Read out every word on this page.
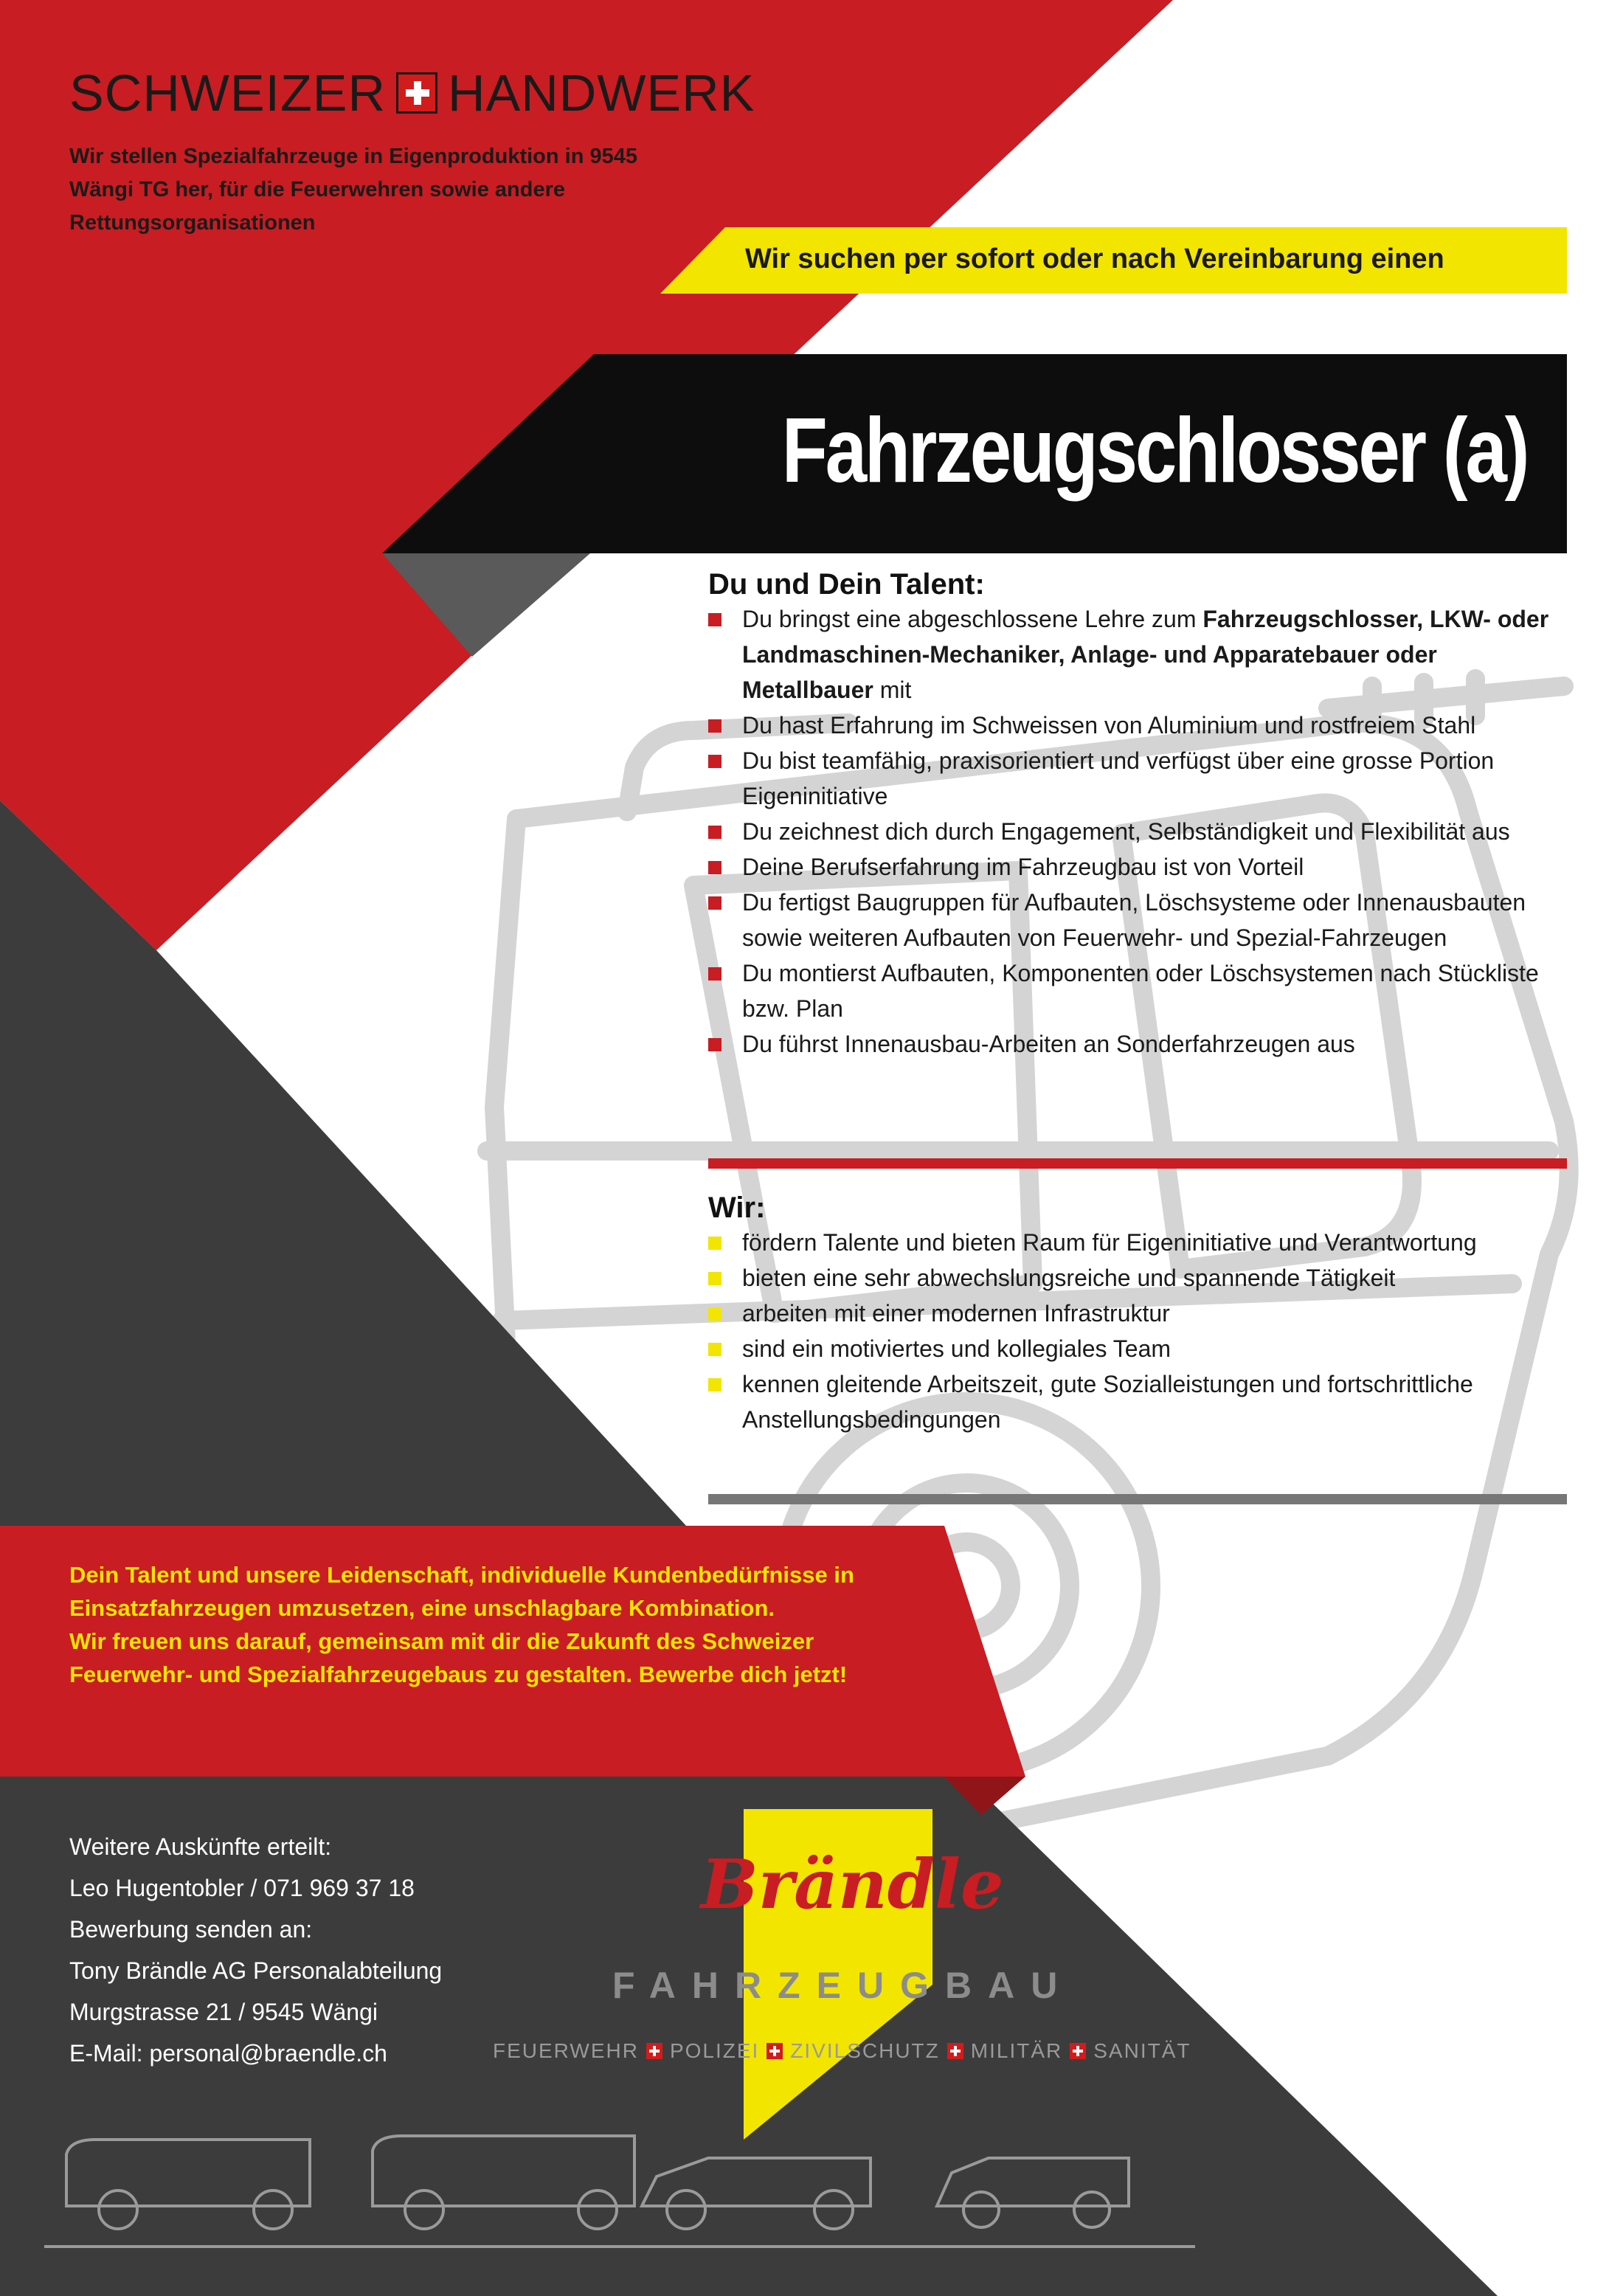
SCHWEIZER HANDWERK
Wir stellen Spezialfahrzeuge in Eigenproduktion in 9545 Wängi TG her, für die Feuerwehren sowie andere Rettungsorganisationen
Wir suchen per sofort oder nach Vereinbarung einen
Fahrzeugschlosser (a)
Du und Dein Talent:
Du bringst eine abgeschlossene Lehre zum Fahrzeugschlosser, LKW- oder Landmaschinen-Mechaniker, Anlage- und Apparatebauer oder Metallbauer mit
Du hast Erfahrung im Schweissen von Aluminium und rostfreiem Stahl
Du bist teamfähig, praxisorientiert und verfügst über eine grosse Portion Eigeninitiative
Du zeichnest dich durch Engagement, Selbständigkeit und Flexibilität aus
Deine Berufserfahrung im Fahrzeugbau ist von Vorteil
Du fertigst Baugruppen für Aufbauten, Löschsysteme oder Innenausbauten sowie weiteren Aufbauten von Feuerwehr- und Spezial-Fahrzeugen
Du montierst Aufbauten, Komponenten oder Löschsystemen nach Stückliste bzw. Plan
Du führst Innenausbau-Arbeiten an Sonderfahrzeugen aus
Wir:
fördern Talente und bieten Raum für Eigeninitiative und Verantwortung
bieten eine sehr abwechslungsreiche und spannende Tätigkeit
arbeiten mit einer modernen Infrastruktur
sind ein motiviertes und kollegiales Team
kennen gleitende Arbeitszeit, gute Sozialleistungen und fortschrittliche Anstellungsbedingungen
Dein Talent und unsere Leidenschaft, individuelle Kundenbedürfnisse in Einsatzfahrzeugen umzusetzen, eine unschlagbare Kombination.
Wir freuen uns darauf, gemeinsam mit dir die Zukunft des Schweizer Feuerwehr- und Spezialfahrzeugebaus zu gestalten. Bewerbe dich jetzt!
Weitere Auskünfte erteilt:
Leo Hugentobler / 071 969 37 18
Bewerbung senden an:
Tony Brändle AG Personalabteilung
Murgstrasse 21 / 9545 Wängi
E-Mail: personal@braendle.ch
Brändle
FAHRZEUGBAU
FEUERWEHR POLIZEI ZIVILSCHUTZ MILITÄR SANITÄT
